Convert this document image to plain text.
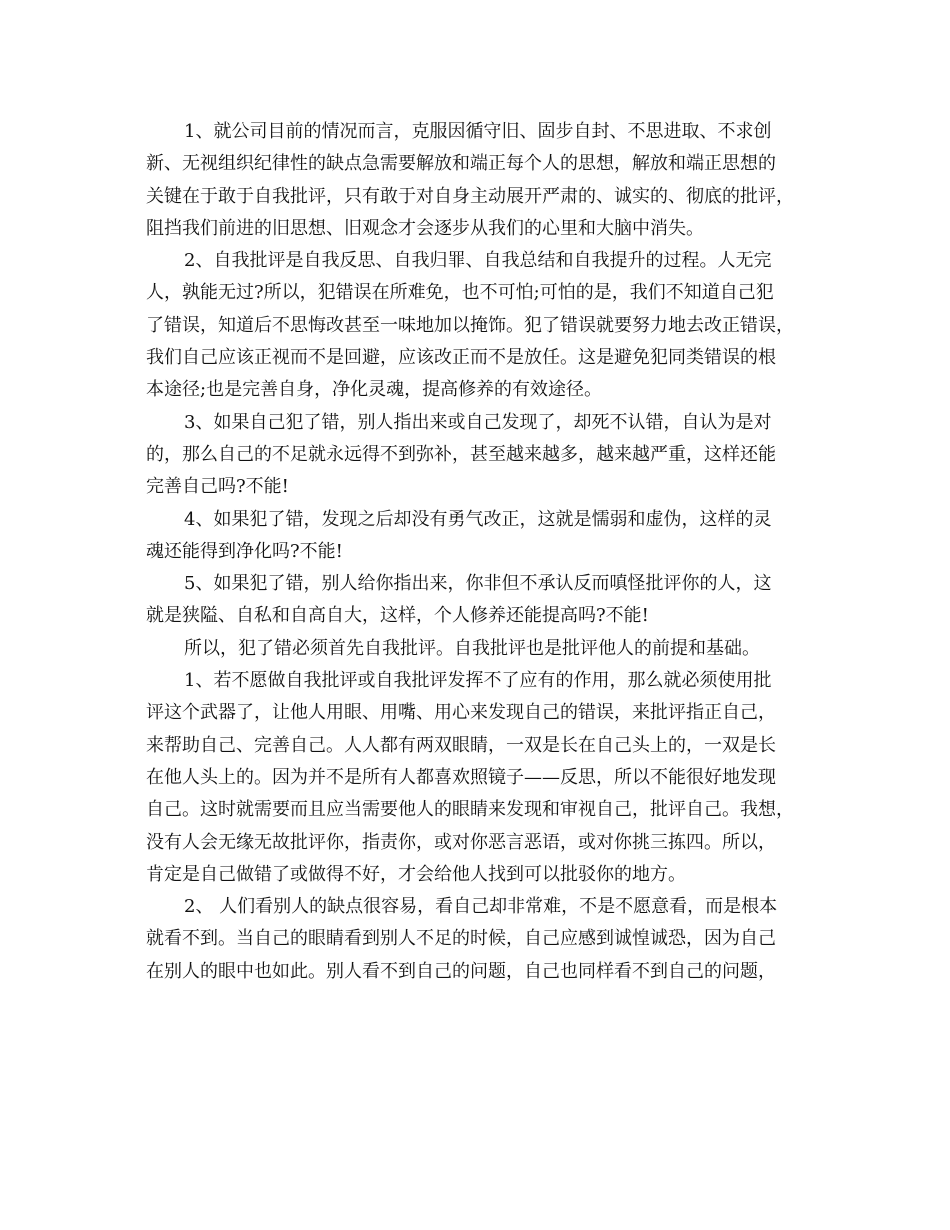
1、就公司目前的情况而言，克服因循守旧、固步自封、不思进取、不求创
新、无视组织纪律性的缺点急需要解放和端正每个人的思想，解放和端正思想的
关键在于敢于自我批评，只有敢于对自身主动展开严肃的、诚实的、彻底的批评，
阻挡我们前进的旧思想、旧观念才会逐步从我们的心里和大脑中消失。
2、自我批评是自我反思、自我归罪、自我总结和自我提升的过程。人无完
人，孰能无过?所以，犯错误在所难免，也不可怕;可怕的是，我们不知道自己犯
了错误，知道后不思悔改甚至一味地加以掩饰。犯了错误就要努力地去改正错误，
我们自己应该正视而不是回避，应该改正而不是放任。这是避免犯同类错误的根
本途径;也是完善自身，净化灵魂，提高修养的有效途径。
3、如果自己犯了错，别人指出来或自己发现了，却死不认错，自认为是对
的，那么自己的不足就永远得不到弥补，甚至越来越多，越来越严重，这样还能
完善自己吗?不能!
4、如果犯了错，发现之后却没有勇气改正，这就是懦弱和虚伪，这样的灵
魂还能得到净化吗?不能!
5、如果犯了错，别人给你指出来，你非但不承认反而嗔怪批评你的人，这
就是狭隘、自私和自高自大，这样，个人修养还能提高吗?不能!
所以，犯了错必须首先自我批评。自我批评也是批评他人的前提和基础。
1、若不愿做自我批评或自我批评发挥不了应有的作用，那么就必须使用批
评这个武器了，让他人用眼、用嘴、用心来发现自己的错误，来批评指正自己，
来帮助自己、完善自己。人人都有两双眼睛，一双是长在自己头上的，一双是长
在他人头上的。因为并不是所有人都喜欢照镜子——反思，所以不能很好地发现
自己。这时就需要而且应当需要他人的眼睛来发现和审视自己，批评自己。我想，
没有人会无缘无故批评你，指责你，或对你恶言恶语，或对你挑三拣四。所以，
肯定是自己做错了或做得不好，才会给他人找到可以批驳你的地方。
2、 人们看别人的缺点很容易，看自己却非常难，不是不愿意看，而是根本
就看不到。当自己的眼睛看到别人不足的时候，自己应感到诚惶诚恐，因为自己
在别人的眼中也如此。别人看不到自己的问题，自己也同样看不到自己的问题，
